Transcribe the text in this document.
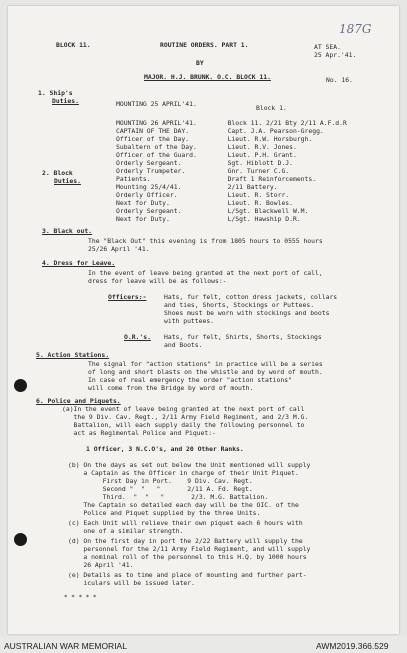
187G
BLOCK 11.	ROUTINE ORDERS. PART 1.	AT SEA.
25 Apr.'41.
BY
MAJOR. H.J. BRUNK. O.C. BLOCK 11.	No. 16.
1. Ship's
Duties.	MOUNTING 25 APRIL'41.	Block 1.
MOUNTING 26 APRIL'41.        Block 11. 2/21 Bty 2/11 A.F.d.R
CAPTAIN OF THE DAY.          Capt. J.A. Pearson-Gregg.
Officer of the Day.          Lieut. R.W. Horsburgh.
Subaltern of the Day.        Lieut. R.V. Jones.
Officer of the Guard.        Lieut. P.H. Grant.
Orderly Sergeant.            Sgt. Hiblott D.J.
Orderly Trumpeter.           Gnr. Turner C.G.
Patients.                    Draft 1 Reinforcements.
2. Block
Duties.
Mounting 25/4/41.            2/11 Battery.
Orderly Officer.             Lieut. R. Storr.
Next for Duty.               Lieut. R. Bowles.
Orderly Sergeant.            L/Sgt. Blackwell W.M.
Next for Duty.               L/Sgt. Hawship D.R.
3. Black out.
The "Black Out" this evening is from 1805 hours to 0555 hours
25/26 April '41.
4. Dress for Leave.
In the event of leave being granted at the next port of call,
dress for leave will be as follows:-
Officers:-	Hats, fur felt, cotton dress jackets, collars
and ties, Shorts, Stockings or Puttees.
Shoes must be worn with stockings and boots
with puttees.
O.R.'s. Hats, fur felt, Shirts, Shorts, Stockings
and Boots.
5. Action Stations.
The signal for "action stations" in practice will be a series
of long and short blasts on the whistle and by word of mouth.
In case of real emergency the order "action stations"
will come from the Bridge by word of mouth.
6. Police and Piquets.
(a)In the event of leave being granted at the next port of call
the 9 Div. Cav. Regt., 2/11 Army Field Regiment, and 2/3 M.G.
Battalion, will each supply daily the following personnel to
act as Regimental Police and Piquet:-
1 Officer, 3 N.C.O's, and 20 Other Ranks.
(b) On the days as set out below the Unit mentioned will supply
a Captain as the Officer in charge of their Unit Piquet.
First Day in Port.    9 Div. Cav. Regt.
Second "  "   "       2/11 A. Fd. Regt.
Third.  "  "   "       2/3. M.G. Battalion.
The Captain so detailed each day will be the OIC. of the
Police and Piquet supplied by the three Units.
(c) Each Unit will relieve their own piquet each 6 hours with
one of a similar strength.
(d) On the first day in port the 2/22 Battery will supply the
personnel for the 2/11 Army Field Regiment, and will supply
a nominal roll of the personnel to this H.Q. by 1000 hours
26 April '41.
(e) Details as to time and place of mounting and further part-
iculars will be issued later.
* * * * *
AUSTRALIAN WAR MEMORIAL	AWM2019.366.529
